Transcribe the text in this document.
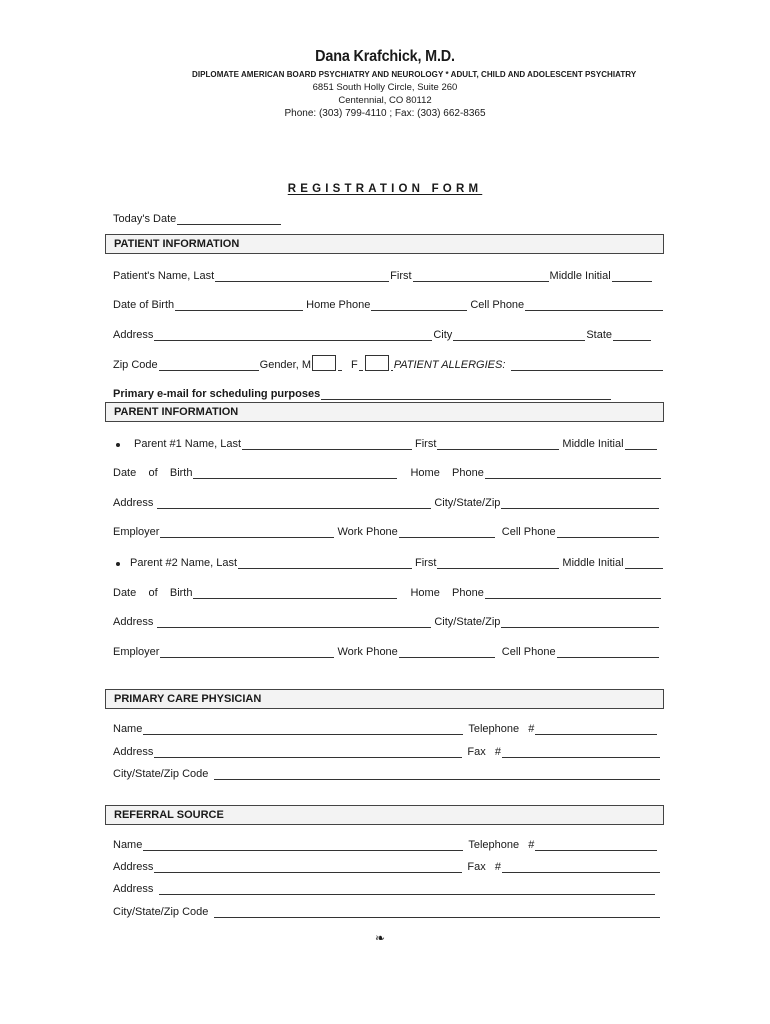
Dana Krafchick, M.D.
DIPLOMATE AMERICAN BOARD PSYCHIATRY AND NEUROLOGY * ADULT, CHILD AND ADOLESCENT PSYCHIATRY
6851 South Holly Circle, Suite 260
Centennial, CO 80112
Phone: (303) 799-4110 ; Fax: (303) 662-8365
REGISTRATION FORM
Today's Date
PATIENT INFORMATION
Patient's Name, Last	First	Middle Initial
Date of Birth	Home Phone	Cell Phone
Address	City	State
Zip Code	Gender, M	F	PATIENT ALLERGIES:
Primary e-mail for scheduling purposes
PARENT INFORMATION
Parent #1 Name, Last	First	Middle Initial
Date    of    Birth	Home    Phone
Address	City/State/Zip
Employer	Work Phone	Cell Phone
Parent #2 Name, Last	First	Middle Initial
Date    of    Birth	Home    Phone
Address	City/State/Zip
Employer	Work Phone	Cell Phone
PRIMARY CARE PHYSICIAN
Name	Telephone   #
Address	Fax   #
City/State/Zip Code
REFERRAL SOURCE
Name	Telephone   #
Address	Fax   #
Address
City/State/Zip Code
❧
